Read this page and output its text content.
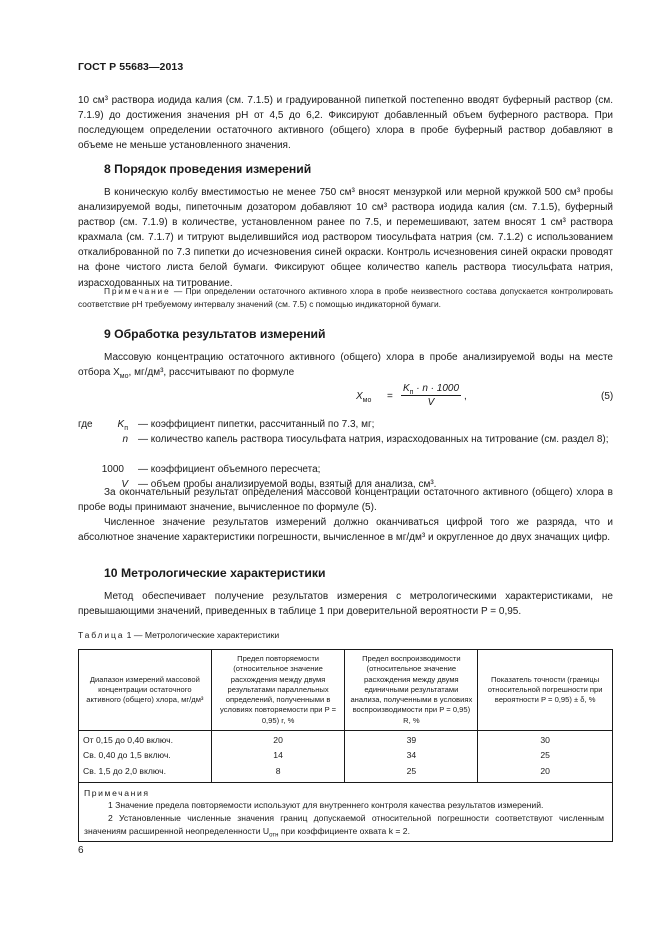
ГОСТ Р 55683—2013

10 см³ раствора иодида калия (см. 7.1.5) и градуированной пипеткой постепенно вводят буферный раствор (см. 7.1.9) до достижения значения рН от 4,5 до 6,2. Фиксируют добавленный объем буферного раствора. При последующем определении остаточного активного (общего) хлора в пробе буферный раствор добавляют в объеме не меньше установленного значения.

8 Порядок проведения измерений

В коническую колбу вместимостью не менее 750 см³ вносят мензуркой или мерной кружкой 500 см³ пробы анализируемой воды, пипеточным дозатором добавляют 10 см³ раствора иодида калия (см. 7.1.5), буферный раствор (см. 7.1.9) в количестве, установленном ранее по 7.5, и перемешивают, затем вносят 1 см³ раствора крахмала (см. 7.1.7) и титруют выделившийся иод раствором тиосульфата натрия (см. 7.1.2) с использованием откалиброванной по 7.3 пипетки до исчезновения синей окраски. Контроль исчезновения синей окраски проводят на фоне чистого листа белой бумаги. Фиксируют общее количество капель раствора тиосульфата натрия, израсходованных на титрование.

Примечание — При определении остаточного активного хлора в пробе неизвестного состава допускается контролировать соответствие рН требуемому интервалу значений (см. 7.5) с помощью индикаторной бумаги.

9 Обработка результатов измерений

Массовую концентрацию остаточного активного (общего) хлора в пробе анализируемой воды на месте отбора $X_{мо}$, мг/дм³, рассчитывают по формуле

$X_{мо}$ =
$K_п \cdot n \cdot 1000$
V
,	(5)
где	$K_п$ — коэффициент пипетки, рассчитанный по 7.3, мг;
n — количество капель раствора тиосульфата натрия, израсходованных на титрование (см. раздел 8);
1000 — коэффициент объемного пересчета;
V — объем пробы анализируемой воды, взятый для анализа, см³.

За окончательный результат определения массовой концентрации остаточного активного (общего) хлора в пробе воды принимают значение, вычисленное по формуле (5).

Численное значение результатов измерений должно оканчиваться цифрой того же разряда, что и абсолютное значение характеристики погрешности, вычисленное в мг/дм³ и округленное до двух значащих цифр.

10 Метрологические характеристики

Метод обеспечивает получение результатов измерения с метрологическими характеристиками, не превышающими значений, приведенных в таблице 1 при доверительной вероятности P = 0,95.

Таблица 1 — Метрологические характеристики
Диапазон измерений массовой концентрации остаточного активного (общего) хлора, мг/дм³	Предел повторяемости (относительное значение расхождения между двумя результатами параллельных определений, полученными в условиях повторяемости при P = 0,95) r, %	Предел воспроизводимости (относительное значение расхождения между двумя единичными результатами анализа, полученными в условиях воспроизводимости при P = 0,95) R, %	Показатель точности (границы относительной погрешности при вероятности P = 0,95) ± δ, %
От 0,15 до 0,40 включ.	20	39	30
Св. 0,40 до 1,5 включ.	14	34	25
Св. 1,5 до 2,0 включ.	8	25	20

Примечания
1 Значение предела повторяемости используют для внутреннего контроля качества результатов измерений.
2 Установленные численные значения границ допускаемой относительной погрешности соответствуют численным значениям расширенной неопределенности $U_{отн}$ при коэффициенте охвата k = 2.			
6
